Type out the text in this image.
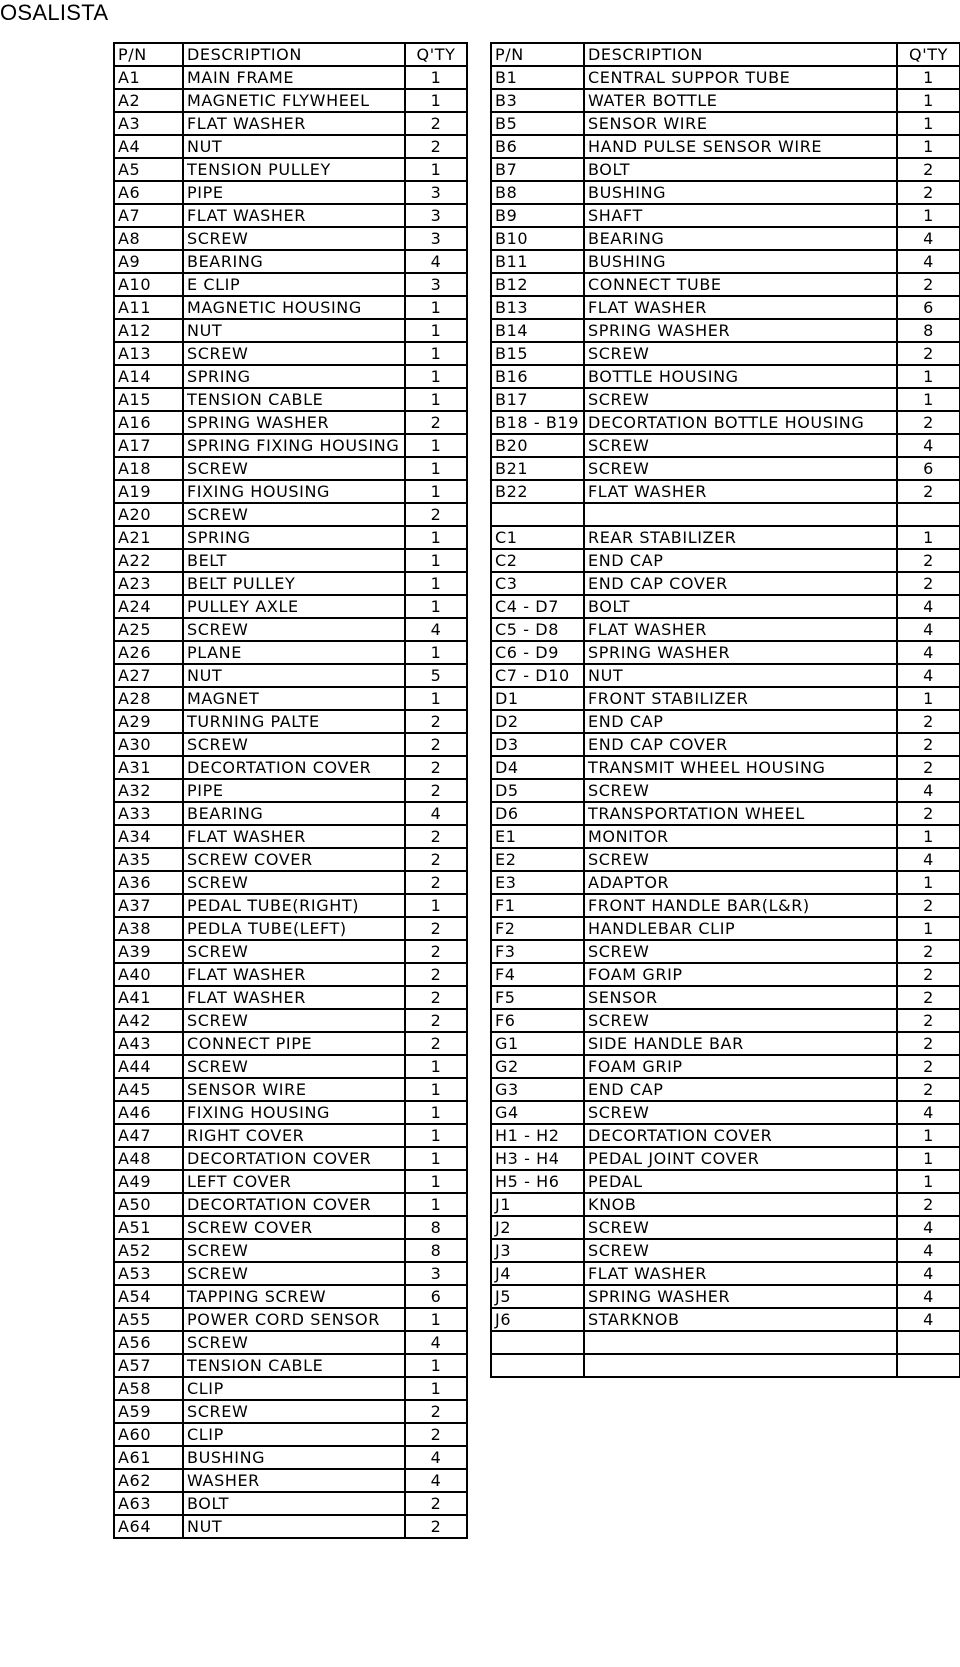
OSALISTA
P/N	DESCRIPTION	Q'TY
A1	MAIN FRAME	1
A2	MAGNETIC FLYWHEEL	1
A3	FLAT WASHER	2
A4	NUT	2
A5	TENSION PULLEY	1
A6	PIPE	3
A7	FLAT WASHER	3
A8	SCREW	3
A9	BEARING	4
A10	E CLIP	3
A11	MAGNETIC HOUSING	1
A12	NUT	1
A13	SCREW	1
A14	SPRING	1
A15	TENSION CABLE	1
A16	SPRING WASHER	2
A17	SPRING FIXING HOUSING	1
A18	SCREW	1
A19	FIXING HOUSING	1
A20	SCREW	2
A21	SPRING	1
A22	BELT	1
A23	BELT PULLEY	1
A24	PULLEY AXLE	1
A25	SCREW	4
A26	PLANE	1
A27	NUT	5
A28	MAGNET	1
A29	TURNING PALTE	2
A30	SCREW	2
A31	DECORTATION COVER	2
A32	PIPE	2
A33	BEARING	4
A34	FLAT WASHER	2
A35	SCREW COVER	2
A36	SCREW	2
A37	PEDAL TUBE(RIGHT)	1
A38	PEDLA TUBE(LEFT)	2
A39	SCREW	2
A40	FLAT WASHER	2
A41	FLAT WASHER	2
A42	SCREW	2
A43	CONNECT PIPE	2
A44	SCREW	1
A45	SENSOR WIRE	1
A46	FIXING HOUSING	1
A47	RIGHT COVER	1
A48	DECORTATION COVER	1
A49	LEFT COVER	1
A50	DECORTATION COVER	1
A51	SCREW COVER	8
A52	SCREW	8
A53	SCREW	3
A54	TAPPING SCREW	6
A55	POWER CORD SENSOR	1
A56	SCREW	4
A57	TENSION CABLE	1
A58	CLIP	1
A59	SCREW	2
A60	CLIP	2
A61	BUSHING	4
A62	WASHER	4
A63	BOLT	2
A64	NUT	2
P/N	DESCRIPTION	Q'TY
B1	CENTRAL SUPPOR TUBE	1
B3	WATER BOTTLE	1
B5	SENSOR WIRE	1
B6	HAND PULSE SENSOR WIRE	1
B7	BOLT	2
B8	BUSHING	2
B9	SHAFT	1
B10	BEARING	4
B11	BUSHING	4
B12	CONNECT TUBE	2
B13	FLAT WASHER	6
B14	SPRING WASHER	8
B15	SCREW	2
B16	BOTTLE HOUSING	1
B17	SCREW	1
B18 - B19	DECORTATION BOTTLE HOUSING	2
B20	SCREW	4
B21	SCREW	6
B22	FLAT WASHER	2

C1	REAR STABILIZER	1
C2	END CAP	2
C3	END CAP COVER	2
C4 - D7	BOLT	4
C5 - D8	FLAT WASHER	4
C6 - D9	SPRING WASHER	4
C7 - D10	NUT	4
D1	FRONT STABILIZER	1
D2	END CAP	2
D3	END CAP COVER	2
D4	TRANSMIT WHEEL HOUSING	2
D5	SCREW	4
D6	TRANSPORTATION WHEEL	2
E1	MONITOR	1
E2	SCREW	4
E3	ADAPTOR	1
F1	FRONT HANDLE BAR(L&R)	2
F2	HANDLEBAR CLIP	1
F3	SCREW	2
F4	FOAM GRIP	2
F5	SENSOR	2
F6	SCREW	2
G1	SIDE HANDLE BAR	2
G2	FOAM GRIP	2
G3	END CAP	2
G4	SCREW	4
H1 - H2	DECORTATION COVER	1
H3 - H4	PEDAL JOINT COVER	1
H5 - H6	PEDAL	1
J1	KNOB	2
J2	SCREW	4
J3	SCREW	4
J4	FLAT WASHER	4
J5	SPRING WASHER	4
J6	STARKNOB	4
